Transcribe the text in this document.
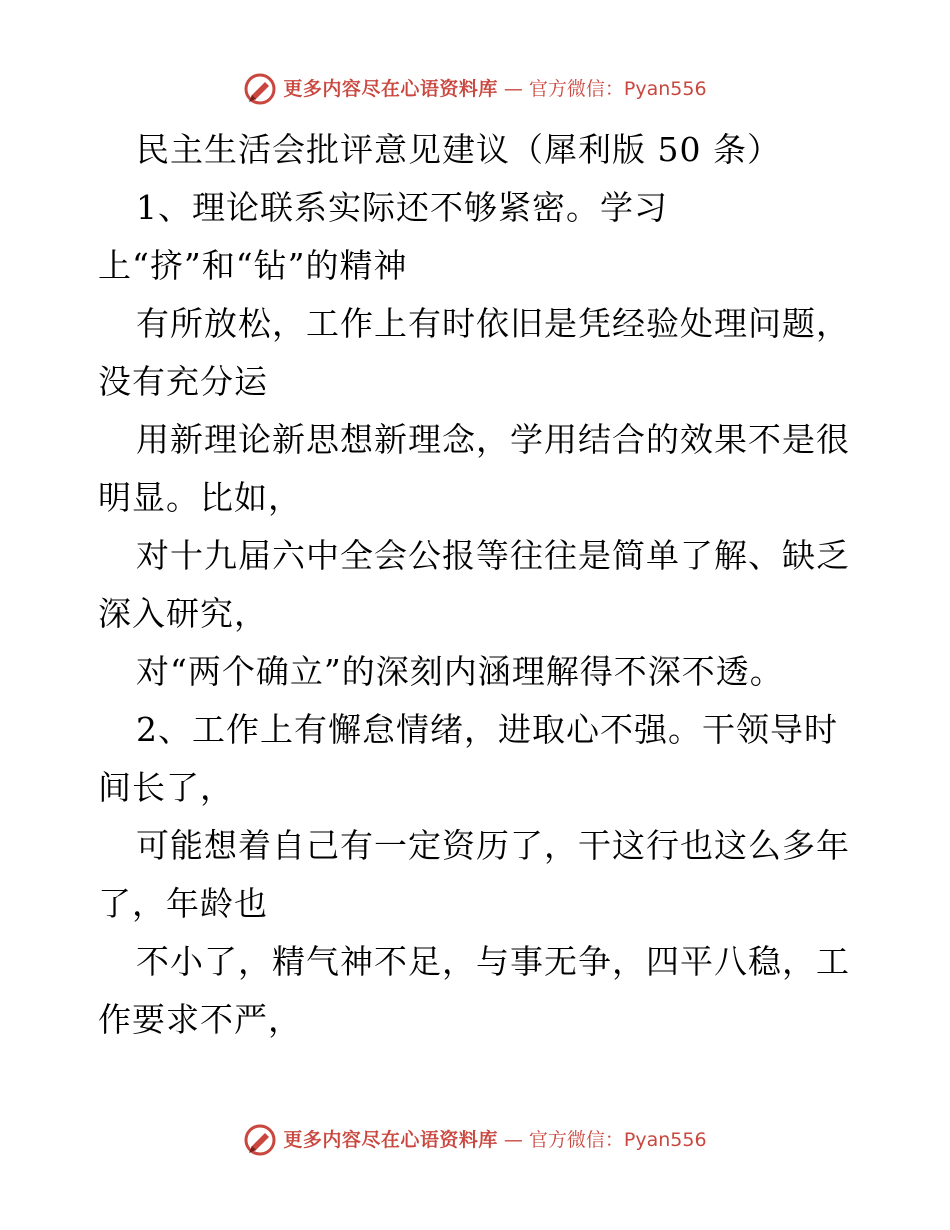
更多内容尽在心语资料库 — 官方微信：Pyan556
民主生活会批评意见建议（犀利版 50 条）
1、理论联系实际还不够紧密。学习
上“挤”和“钻”的精神
有所放松，工作上有时依旧是凭经验处理问题，
没有充分运
用新理论新思想新理念，学用结合的效果不是很
明显。比如，
对十九届六中全会公报等往往是简单了解、缺乏
深入研究，
对“两个确立”的深刻内涵理解得不深不透。
2、工作上有懈怠情绪，进取心不强。干领导时
间长了，
可能想着自己有一定资历了，干这行也这么多年
了，年龄也
不小了，精气神不足，与事无争，四平八稳，工
作要求不严，
更多内容尽在心语资料库 — 官方微信：Pyan556
